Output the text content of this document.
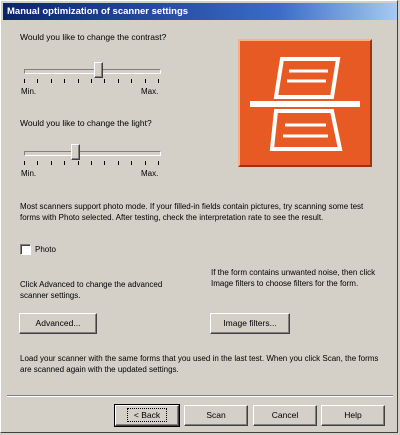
Manual optimization of scanner settings
Would you like to change the contrast?
Min.	Max.
Would you like to change the light?
Min.	Max.
Most scanners support photo mode. If your filled-in fields contain pictures, try scanning some test forms with Photo selected. After testing, check the interpretation rate to see the result.
Photo
Click Advanced to change the advanced scanner settings.
If the form contains unwanted noise, then click Image filters to choose filters for the form.
Advanced...	Image filters...
Load your scanner with the same forms that you used in the last test. When you click Scan, the forms are scanned again with the updated settings.
< Back	Scan	Cancel	Help
